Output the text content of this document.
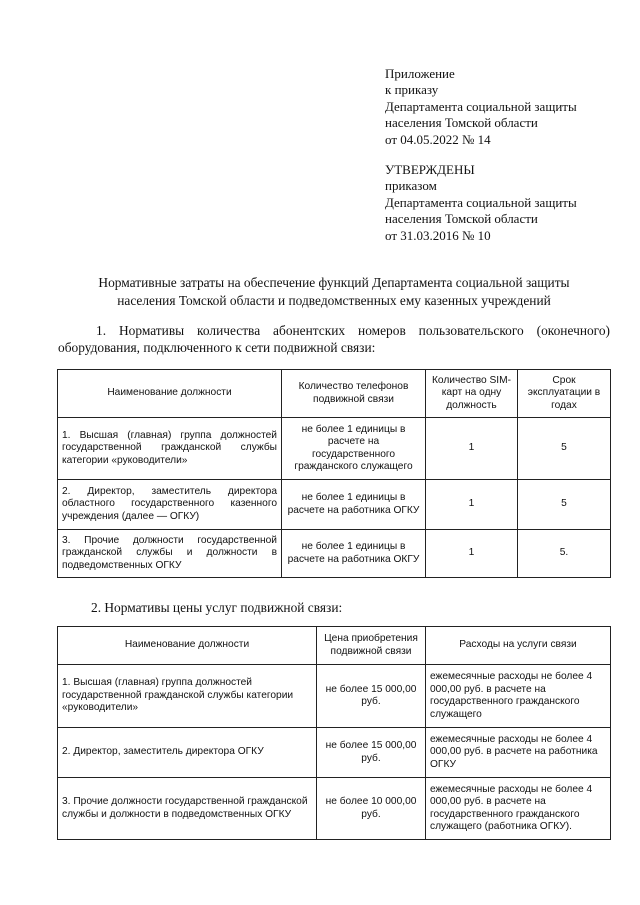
Приложение
к приказу
Департамента социальной защиты
населения Томской области
от 04.05.2022 № 14
УТВЕРЖДЕНЫ
приказом
Департамента социальной защиты
населения Томской области
от 31.03.2016 № 10
Нормативные затраты на обеспечение функций Департамента социальной защиты
населения Томской области и подведомственных ему казенных учреждений
1. Нормативы количества абонентских номеров пользовательского (оконечного) оборудования, подключенного к сети подвижной связи:
Наименование должности	Количество телефонов подвижной связи	Количество SIM-карт на одну должность	Срок эксплуатации в годах
1. Высшая (главная) группа должностей государственной гражданской службы категории «руководители»	не более 1 единицы в расчете на государственного гражданского служащего	1	5
2. Директор, заместитель директора областного государственного казенного учреждения (далее — ОГКУ)	не более 1 единицы в расчете на работника ОГКУ	1	5
3. Прочие должности государственной гражданской службы и должности в подведомственных ОГКУ	не более 1 единицы в расчете на работника ОКГУ	1	5.
2. Нормативы цены услуг подвижной связи:
Наименование должности	Цена приобретения подвижной связи	Расходы на услуги связи
1. Высшая (главная) группа должностей государственной гражданской службы категории «руководители»	не более 15 000,00 руб.	ежемесячные расходы не более 4 000,00 руб. в расчете на государственного гражданского служащего
2. Директор, заместитель директора ОГКУ	не более 15 000,00 руб.	ежемесячные расходы не более 4 000,00 руб. в расчете на работника ОГКУ
3. Прочие должности государственной гражданской службы и должности в подведомственных ОГКУ	не более 10 000,00 руб.	ежемесячные расходы не более 4 000,00 руб. в расчете на государственного гражданского служащего (работника ОГКУ).
